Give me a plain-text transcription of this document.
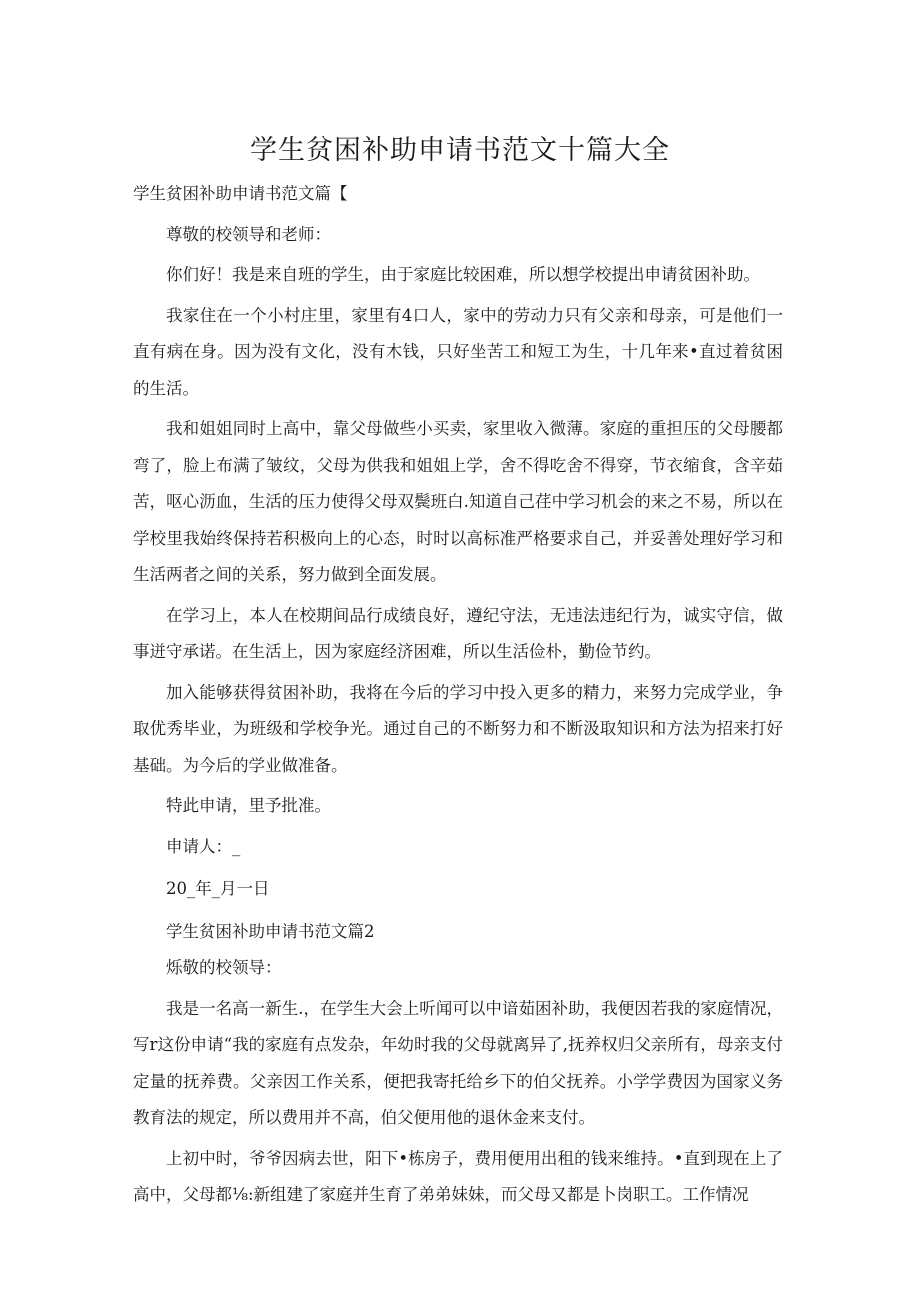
学生贫困补助申请书范文十篇大全

学生贫困补助申请书范文篇【

尊敬的校领导和老师：

你们好！我是来自班的学生，由于家庭比较困难，所以想学校提出申请贫困补助。

我家住在一个小村庄里，家里有4口人，家中的劳动力只有父亲和母亲，可是他们一直有病在身。因为没有文化，没有木钱，只好坐苦工和短工为生，十几年来•直过着贫困的生活。

我和姐姐同时上高中，靠父母做些小买卖，家里收入微薄。家庭的重担压的父母腰都弯了，脸上布满了皱纹，父母为供我和姐姐上学，舍不得吃舍不得穿，节衣缩食，含辛茹苦，呕心沥血，生活的压力使得父母双鬓班白.知道自己荏中学习机会的来之不易，所以在学校里我始终保持若积极向上的心态，时时以高标准严格要求自己，并妥善处理好学习和生活两者之间的关系，努力做到全面发展。

在学习上，本人在校期间品行成绩良好，遵纪守法，无违法违纪行为，诚实守信，做事迸守承诺。在生活上，因为家庭经济困难，所以生活俭朴，勤俭节约。

加入能够获得贫困补助，我将在今后的学习中投入更多的精力，来努力完成学业，争取优秀毕业，为班级和学校争光。通过自己的不断努力和不断汲取知识和方法为招来打好基础。为今后的学业做准备。

特此申请，里予批准。

申请人：_

20_年_月一日

学生贫困补助申请书范文篇2

烁敬的校领导：

我是一名高一新生.，在学生大会上听闻可以中谙茹困补助，我便因若我的家庭情况，写r这份申请“我的家庭有点发杂，年幼时我的父母就离异了,抚养权归父亲所有，母亲支付定量的抚养费。父亲因工作关系，便把我寄托给乡下的伯父抚养。小学学费因为国家义务教育法的规定，所以费用并不高，伯父便用他的退休金来支付。

上初中时，爷爷因病去世，阳下•栋房子，费用便用出租的钱来维持。•直到现在上了高中，父母都⅛:新组建了家庭并生育了弟弟妹妹，而父母又都是卜岗职工。工作情况
